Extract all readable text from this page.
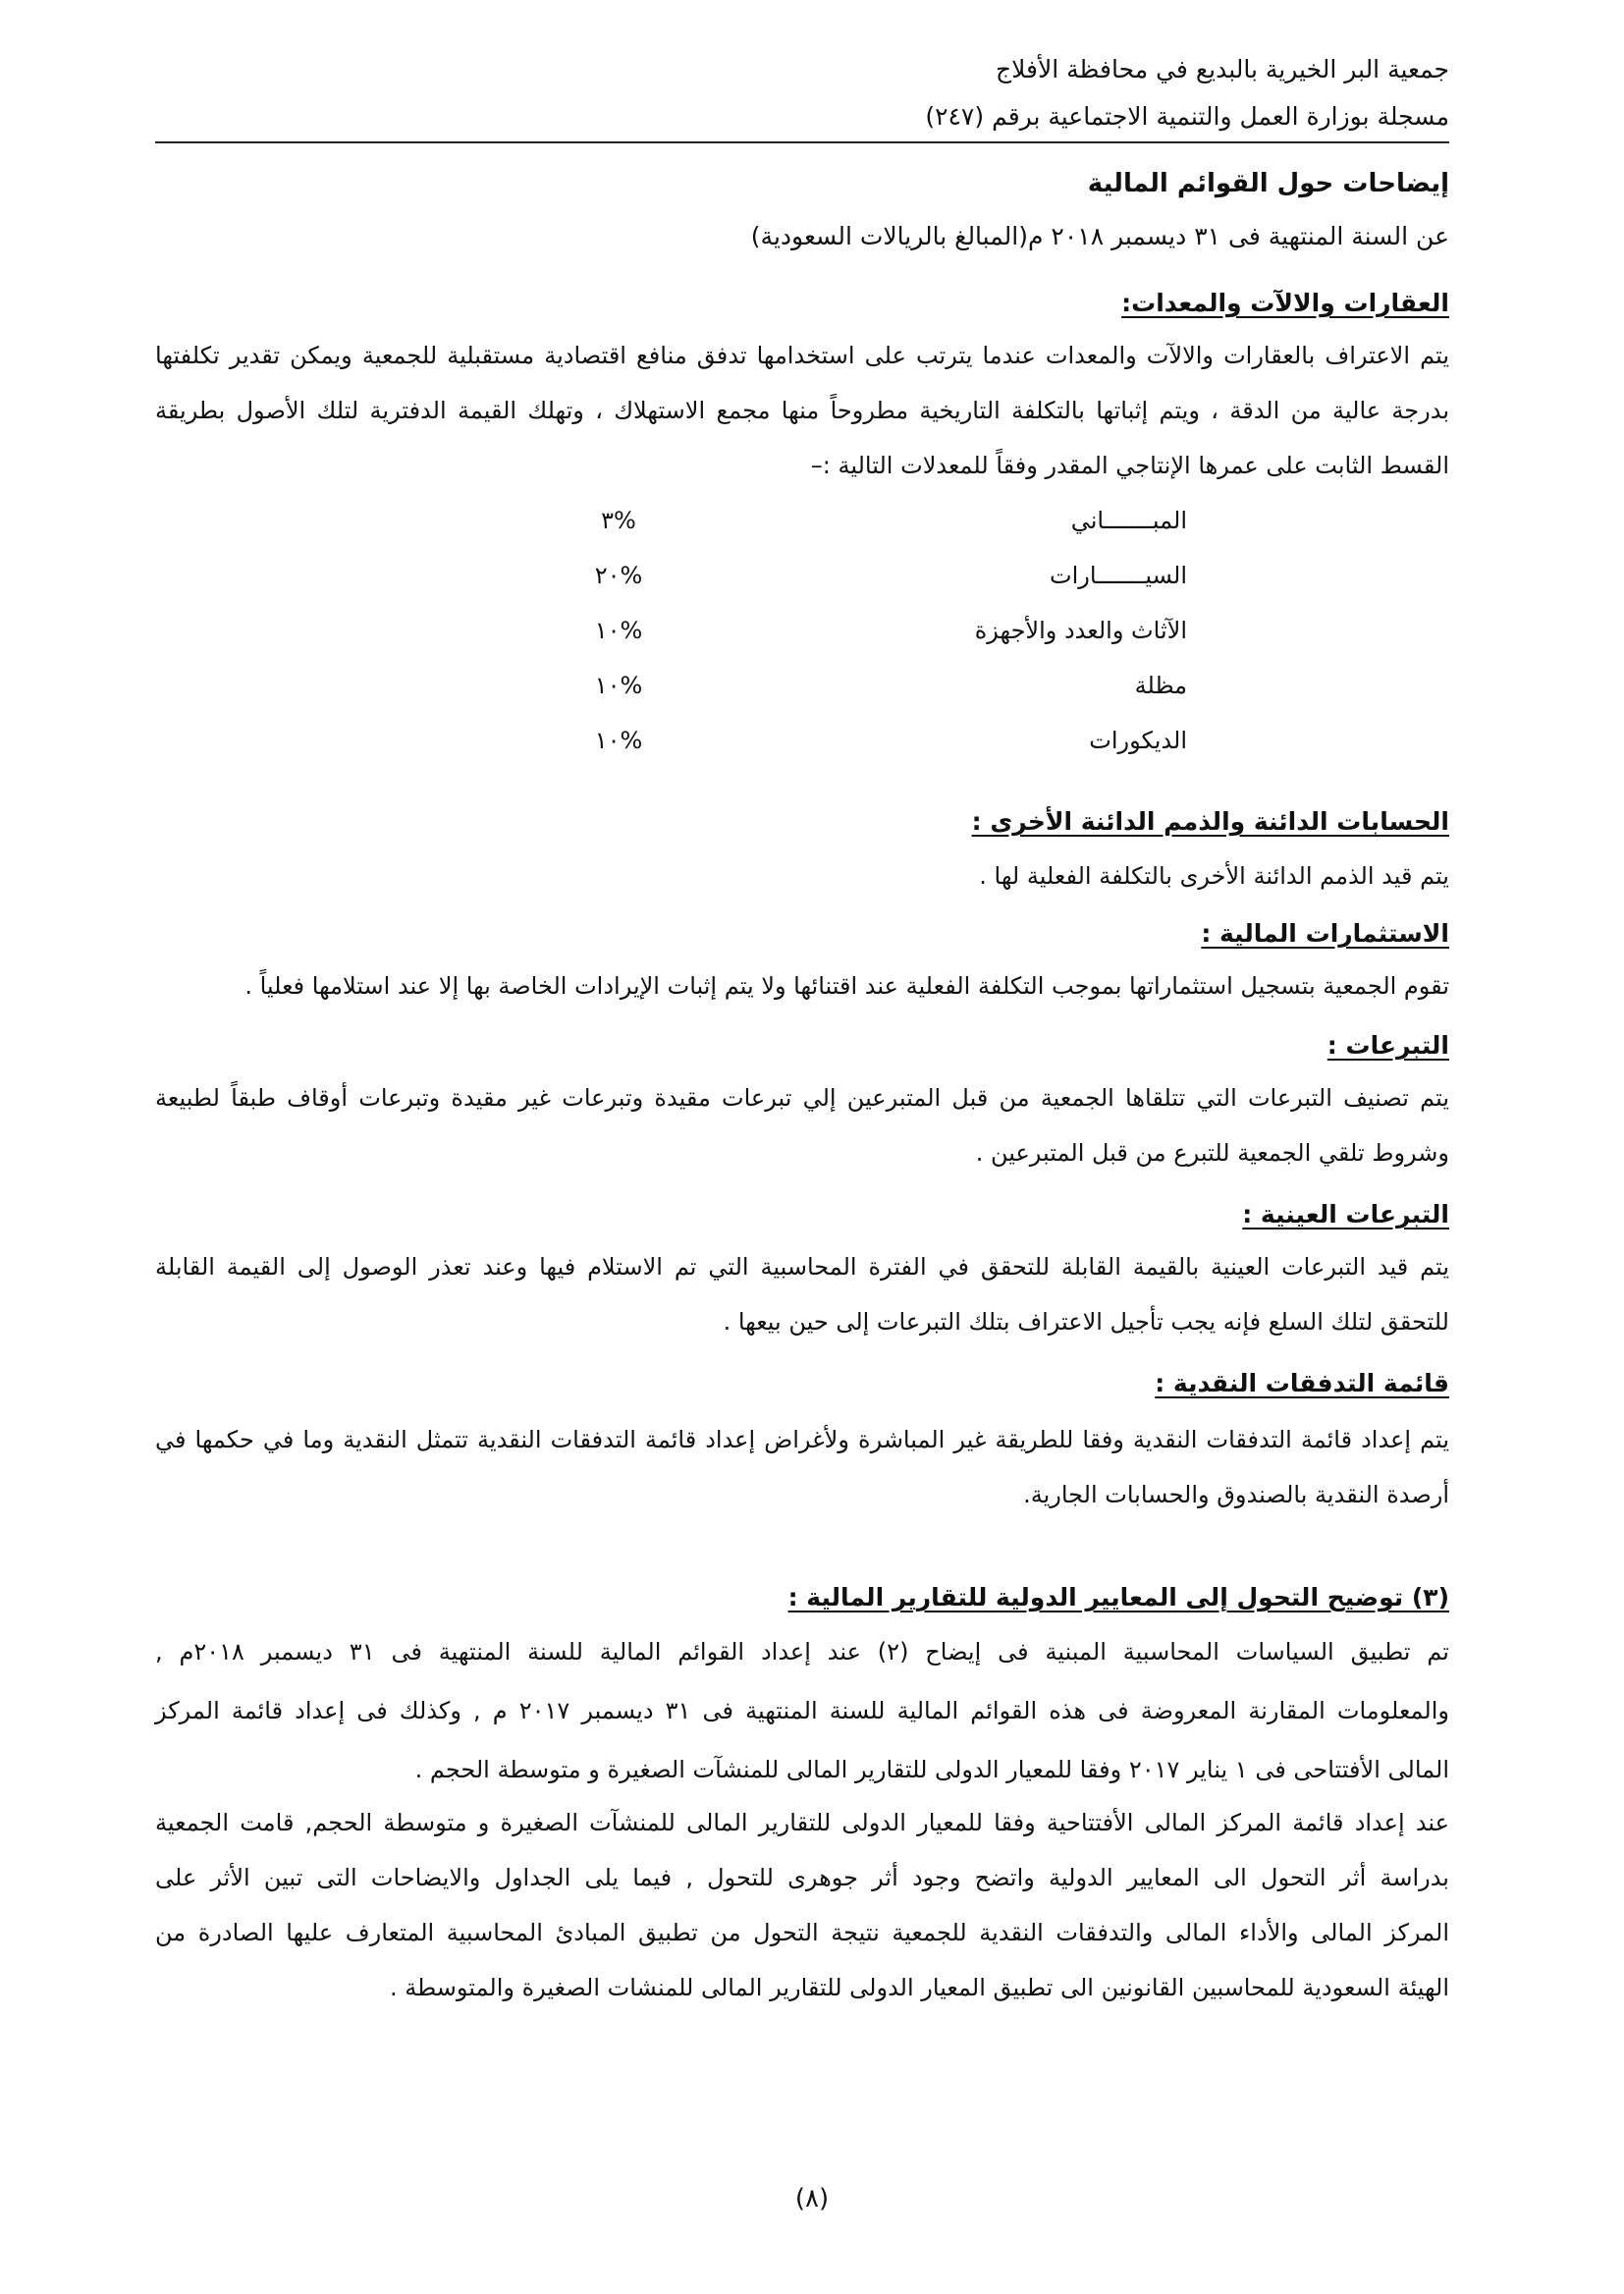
جمعية البر الخيرية بالبديع في محافظة الأفلاج
مسجلة بوزارة العمل والتنمية الاجتماعية برقم (٢٤٧)
إيضاحات حول القوائم المالية
عن السنة المنتهية فى ٣١ ديسمبر ٢٠١٨ م(المبالغ بالريالات السعودية)
العقارات والالآت والمعدات:

يتم الاعتراف بالعقارات والالآت والمعدات عندما يترتب على استخدامها تدفق منافع اقتصادية مستقبلية للجمعية ويمكن تقدير تكلفتها

بدرجة عالية من الدقة ، ويتم إثباتها بالتكلفة التاريخية مطروحاً منها مجمع الاستهلاك ، وتهلك القيمة الدفترية لتلك الأصول بطريقة

القسط الثابت على عمرها الإنتاجي المقدر وفقاً للمعدلات التالية :–

المبـــــــاني
%٣
السيـــــــارات
%٢٠
الآثاث والعدد والأجهزة
%١٠
مظلة
%١٠
الديكورات
%١٠
الحسابات الدائنة والذمم الدائنة الأخرى :

يتم قيد الذمم الدائنة الأخرى بالتكلفة الفعلية لها .

الاستثمارات المالية :

تقوم الجمعية بتسجيل استثماراتها بموجب التكلفة الفعلية عند اقتنائها ولا يتم إثبات الإيرادات الخاصة بها إلا عند استلامها فعلياً .

التبرعات :

يتم تصنيف التبرعات التي تتلقاها الجمعية من قبل المتبرعين إلي تبرعات مقيدة وتبرعات غير مقيدة وتبرعات أوقاف طبقاً لطبيعة

وشروط تلقي الجمعية للتبرع من قبل المتبرعين .

التبرعات العينية :

يتم قيد التبرعات العينية بالقيمة القابلة للتحقق في الفترة المحاسبية التي تم الاستلام فيها وعند تعذر الوصول إلى القيمة القابلة

للتحقق لتلك السلع فإنه يجب تأجيل الاعتراف بتلك التبرعات إلى حين بيعها .

قائمة التدفقات النقدية :

يتم إعداد قائمة التدفقات النقدية وفقا للطريقة غير المباشرة ولأغراض إعداد قائمة التدفقات النقدية تتمثل النقدية وما في حكمها في

أرصدة النقدية بالصندوق والحسابات الجارية.

(٣) توضيح التحول إلى المعايير الدولية للتقارير المالية :

تم تطبيق السياسات المحاسبية المبنية فى إيضاح (٢) عند إعداد القوائم المالية للسنة المنتهية فى ٣١ ديسمبر ٢٠١٨م ,

والمعلومات المقارنة المعروضة فى هذه القوائم المالية للسنة المنتهية فى ٣١ ديسمبر ٢٠١٧ م , وكذلك فى إعداد قائمة المركز

المالى الأفتتاحى فى ١ يناير ٢٠١٧ وفقا للمعيار الدولى للتقارير المالى للمنشآت الصغيرة و متوسطة الحجم .

عند إعداد قائمة المركز المالى الأفتتاحية وفقا للمعيار الدولى للتقارير المالى للمنشآت الصغيرة و متوسطة الحجم, قامت الجمعية

بدراسة أثر التحول الى المعايير الدولية واتضح وجود أثر جوهرى للتحول , فيما يلى الجداول والايضاحات التى تبين الأثر على

المركز المالى والأداء المالى والتدفقات النقدية للجمعية نتيجة التحول من تطبيق المبادئ المحاسبية المتعارف عليها الصادرة من

الهيئة السعودية للمحاسبين القانونين الى تطبيق المعيار الدولى للتقارير المالى للمنشات الصغيرة والمتوسطة .

(٨)
